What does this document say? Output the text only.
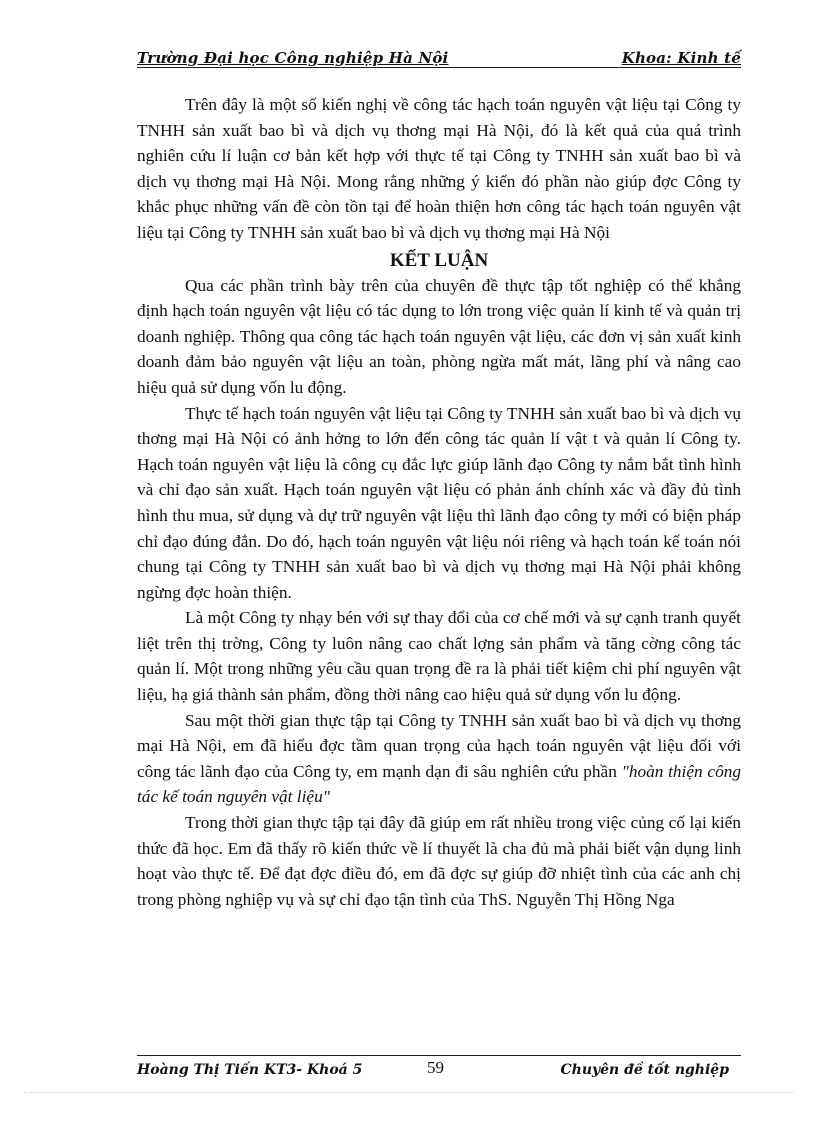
Trường Đại học Công nghiệp Hà Nội	Khoa: Kinh tế

Trên đây là một số kiến nghị về công tác hạch toán nguyên vật liệu tại Công ty TNHH sản xuất bao bì và dịch vụ thơng mại Hà Nội, đó là kết quả của quá trình nghiên cứu lí luận cơ bản kết hợp với thực tế tại Công ty TNHH sản xuất bao bì và dịch vụ thơng mại Hà Nội. Mong rằng những ý kiến đó phần nào giúp đợc Công ty khắc phục những vấn đề còn tồn tại để hoàn thiện hơn công tác hạch toán nguyên vật liệu tại Công ty TNHH sản xuất bao bì và dịch vụ thơng mại Hà Nội

KẾT LUẬN

Qua các phần trình bày trên của chuyên đề thực tập tốt nghiệp có thể khẳng định hạch toán nguyên vật liệu có tác dụng to lớn trong việc quản lí kinh tế và quản trị doanh nghiệp. Thông qua công tác hạch toán nguyên vật liệu, các đơn vị sản xuất kinh doanh đảm bảo nguyên vật liệu an toàn, phòng ngừa mất mát, lãng phí và nâng cao hiệu quả sử dụng vốn lu động.

Thực tế hạch toán nguyên vật liệu tại Công ty TNHH sản xuất bao bì và dịch vụ thơng mại Hà Nội có ảnh hởng to lớn đến công tác quản lí vật t và quản lí Công ty. Hạch toán nguyên vật liệu là công cụ đắc lực giúp lãnh đạo Công ty nắm bắt tình hình và chỉ đạo sản xuất. Hạch toán nguyên vật liệu có phản ánh chính xác và đầy đủ tình hình thu mua, sử dụng và dự trữ nguyên vật liệu thì lãnh đạo công ty mới có biện pháp chỉ đạo đúng đắn. Do đó, hạch toán nguyên vật liệu nói riêng và hạch toán kế toán nói chung tại Công ty TNHH sản xuất bao bì và dịch vụ thơng mại Hà Nội phải không ngừng đợc hoàn thiện.

Là một Công ty nhạy bén với sự thay đổi của cơ chế mới và sự cạnh tranh quyết liệt trên thị trờng, Công ty luôn nâng cao chất lợng sản phẩm và tăng cờng công tác quản lí. Một trong những yêu cầu quan trọng đề ra là phải tiết kiệm chi phí nguyên vật liệu, hạ giá thành sản phẩm, đồng thời nâng cao hiệu quả sử dụng vốn lu động.

Sau một thời gian thực tập tại Công ty TNHH sản xuất bao bì và dịch vụ thơng mại Hà Nội, em đã hiểu đợc tầm quan trọng của hạch toán nguyên vật liệu đối với công tác lãnh đạo của Công ty, em mạnh dạn đi sâu nghiên cứu phần "hoàn thiện công tác kế toán nguyên vật liệu"

Trong thời gian thực tập tại đây đã giúp em rất nhiều trong việc củng cố lại kiến thức đã học. Em đã thấy rõ kiến thức về lí thuyết là cha đủ mà phải biết vận dụng linh hoạt vào thực tế. Để đạt đợc điều đó, em đã đợc sự giúp đỡ nhiệt tình của các anh chị trong phòng nghiệp vụ và sự chỉ đạo tận tình của ThS. Nguyễn Thị Hồng Nga

Hoàng Thị Tiến KT3- Khoá 5	59	Chuyên đề tốt nghiệp
